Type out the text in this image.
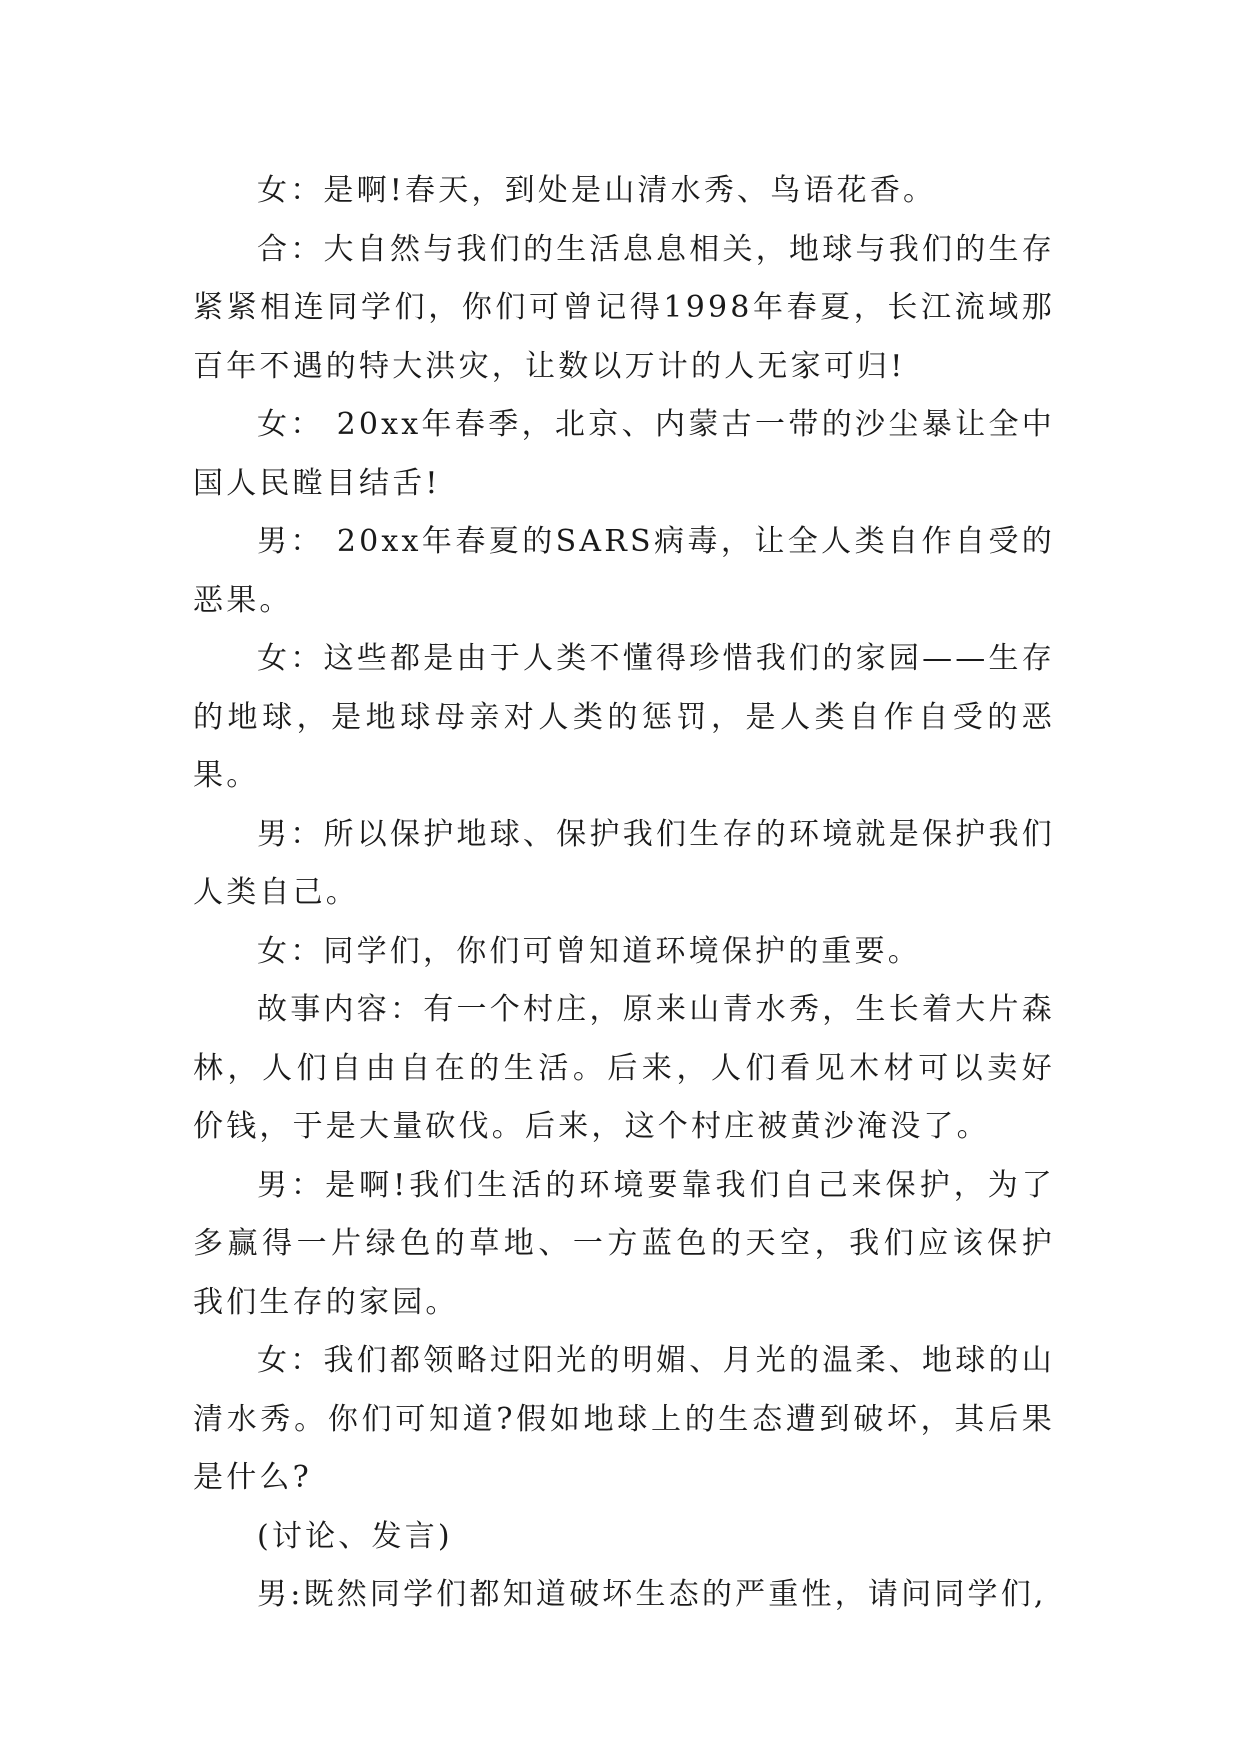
女：是啊!春天，到处是山清水秀、鸟语花香。

合：大自然与我们的生活息息相关，地球与我们的生存紧紧相连同学们，你们可曾记得1998年春夏，长江流域那百年不遇的特大洪灾，让数以万计的人无家可归!

女： 20xx年春季，北京、内蒙古一带的沙尘暴让全中国人民瞠目结舌!

男： 20xx年春夏的SARS病毒，让全人类自作自受的恶果。

女：这些都是由于人类不懂得珍惜我们的家园——生存的地球，是地球母亲对人类的惩罚，是人类自作自受的恶果。

男：所以保护地球、保护我们生存的环境就是保护我们人类自己。

女：同学们，你们可曾知道环境保护的重要。

故事内容：有一个村庄，原来山青水秀，生长着大片森林，人们自由自在的生活。后来，人们看见木材可以卖好价钱，于是大量砍伐。后来，这个村庄被黄沙淹没了。

男：是啊!我们生活的环境要靠我们自己来保护，为了多赢得一片绿色的草地、一方蓝色的天空，我们应该保护我们生存的家园。

女：我们都领略过阳光的明媚、月光的温柔、地球的山清水秀。你们可知道?假如地球上的生态遭到破坏，其后果是什么?

(讨论、发言)

男:既然同学们都知道破坏生态的严重性，请问同学们,
